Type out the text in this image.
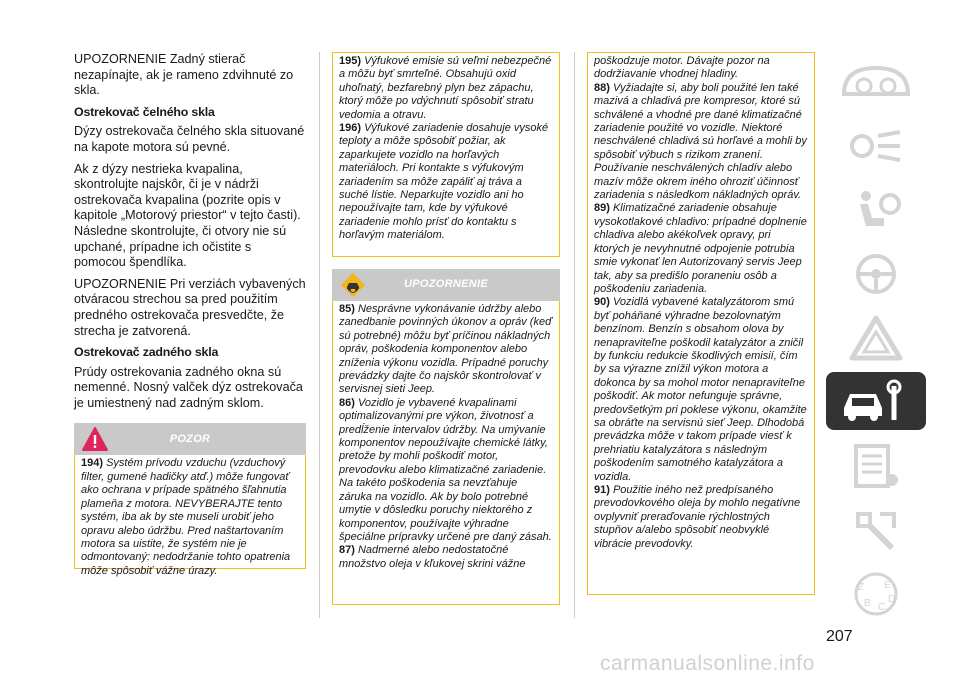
UPOZORNENIE Zadný stierač nezapínajte, ak je rameno zdvihnuté zo skla.

Ostrekovač čelného skla

Dýzy ostrekovača čelného skla situované na kapote motora sú pevné.

Ak z dýzy nestrieka kvapalina, skontrolujte najskôr, či je v nádrži ostrekovača kvapalina (pozrite opis v kapitole „Motorový priestor“ v tejto časti). Následne skontrolujte, či otvory nie sú upchané, prípadne ich očistite s pomocou špendlíka.

UPOZORNENIE Pri verziách vybavených otváracou strechou sa pred použitím predného ostrekovača presvedčte, že strecha je zatvorená.

Ostrekovač zadného skla

Prúdy ostrekovania zadného okna sú nemenné. Nosný valček dýz ostrekovača je umiestnený nad zadným sklom.

POZOR

194) Systém prívodu vzduchu (vzduchový filter, gumené hadičky atď.) môže fungovať ako ochrana v prípade spätného šľahnutia plameňa z motora. NEVYBERAJTE tento systém, iba ak by ste museli urobiť jeho opravu alebo údržbu. Pred naštartovaním motora sa uistite, že systém nie je odmontovaný: nedodržanie tohto opatrenia môže spôsobiť vážne úrazy.

195) Výfukové emisie sú veľmi nebezpečné a môžu byť smrteľné. Obsahujú oxid uhoľnatý, bezfarebný plyn bez zápachu, ktorý môže po vdýchnutí spôsobiť stratu vedomia a otravu.

196) Výfukové zariadenie dosahuje vysoké teploty a môže spôsobiť požiar, ak zaparkujete vozidlo na horľavých materiáloch. Pri kontakte s výfukovým zariadením sa môže zapáliť aj tráva a suché lístie. Neparkujte vozidlo ani ho nepoužívajte tam, kde by výfukové zariadenie mohlo prísť do kontaktu s horľavým materiálom.

UPOZORNENIE

85) Nesprávne vykonávanie údržby alebo zanedbanie povinných úkonov a opráv (keď sú potrebné) môžu byť príčinou nákladných opráv, poškodenia komponentov alebo zníženia výkonu vozidla. Prípadné poruchy prevádzky dajte čo najskôr skontrolovať v servisnej sieti Jeep.

86) Vozidlo je vybavené kvapalinami optimalizovanými pre výkon, životnosť a predĺženie intervalov údržby. Na umývanie komponentov nepoužívajte chemické látky, pretože by mohli poškodiť motor, prevodovku alebo klimatizačné zariadenie. Na takéto poškodenia sa nevzťahuje záruka na vozidlo. Ak by bolo potrebné umytie v dôsledku poruchy niektorého z komponentov, používajte výhradne špeciálne prípravky určené pre daný zásah.

87) Nadmerné alebo nedostatočné množstvo oleja v kľukovej skrini vážne

poškodzuje motor. Dávajte pozor na dodržiavanie vhodnej hladiny.

88) Vyžiadajte si, aby boli použité len také mazivá a chladivá pre kompresor, ktoré sú schválené a vhodné pre dané klimatizačné zariadenie použité vo vozidle. Niektoré neschválené chladivá sú horľavé a mohli by spôsobiť výbuch s rizikom zranení. Používanie neschválených chladív alebo mazív môže okrem iného ohroziť účinnosť zariadenia s následkom nákladných opráv.

89) Klimatizačné zariadenie obsahuje vysokotlakové chladivo: prípadné doplnenie chladiva alebo akékoľvek opravy, pri ktorých je nevyhnutné odpojenie potrubia smie vykonať len Autorizovaný servis Jeep tak, aby sa predišlo poraneniu osôb a poškodeniu zariadenia.

90) Vozidlá vybavené katalyzátorom smú byť poháňané výhradne bezolovnatým benzínom. Benzín s obsahom olova by nenapraviteľne poškodil katalyzátor a zničil by funkciu redukcie škodlivých emisií, čím by sa výrazne znížil výkon motora a dokonca by sa mohol motor nenapraviteľne poškodiť. Ak motor nefunguje správne, predovšetkým pri poklese výkonu, okamžite sa obráťte na servisnú sieť Jeep. Dlhodobá prevádzka môže v takom prípade viesť k prehriatiu katalyzátora s následným poškodením samotného katalyzátora a vozidla.

91) Použitie iného než predpísaného prevodovkového oleja by mohlo negatívne ovplyvniť preraďovanie rýchlostných stupňov a/alebo spôsobiť neobvyklé vibrácie prevodovky.

Z E
B C
D
207
carmanualsonline.info
